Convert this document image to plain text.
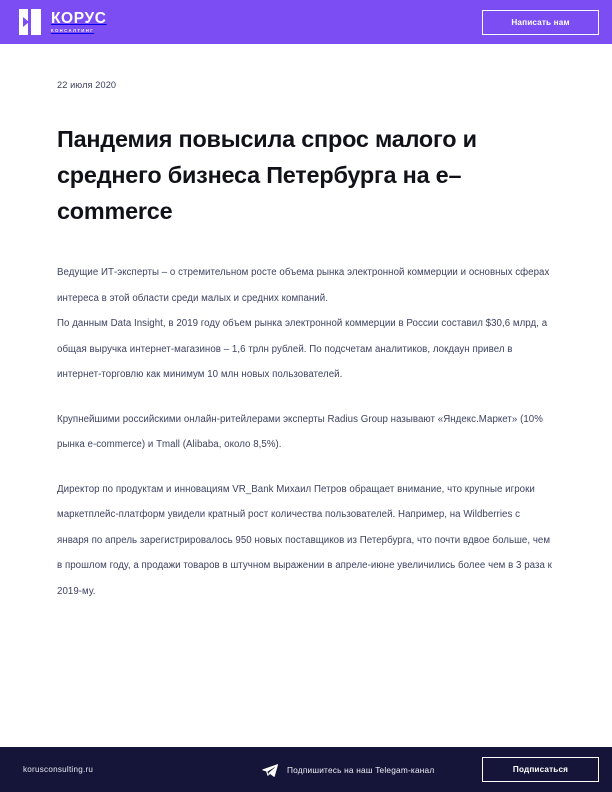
КОРУС
КОНСАЛТИНГ
Написать нам
22 июля 2020
Пандемия повысила спрос малого и среднего бизнеса Петербурга на e–commerce

Ведущие ИТ-эксперты – о стремительном росте объема рынка электронной коммерции и основных сферах интереса в этой области среди малых и средних компаний.

По данным Data Insight, в 2019 году объем рынка электронной коммерции в России составил $30,6 млрд, а общая выручка интернет-магазинов – 1,6 трлн рублей. По подсчетам аналитиков, локдаун привел в интернет-торговлю как минимум 10 млн новых пользователей.

Крупнейшими российскими онлайн-ритейлерами эксперты Radius Group называют «Яндекс.Маркет» (10% рынка e-commerce) и Tmall (Alibaba, около 8,5%).

Директор по продуктам и инновациям VR_Bank Михаил Петров обращает внимание, что крупные игроки маркетплейс-платформ увидели кратный рост количества пользователей. Например, на Wildberries с января по апрель зарегистрировалось 950 новых поставщиков из Петербурга, что почти вдвое больше, чем в прошлом году, а продажи товаров в штучном выражении в апреле-июне увеличились более чем в 3 раза к 2019-му.

korusconsulting.ru	Подпишитесь на наш Telegam-канал	Подписаться
